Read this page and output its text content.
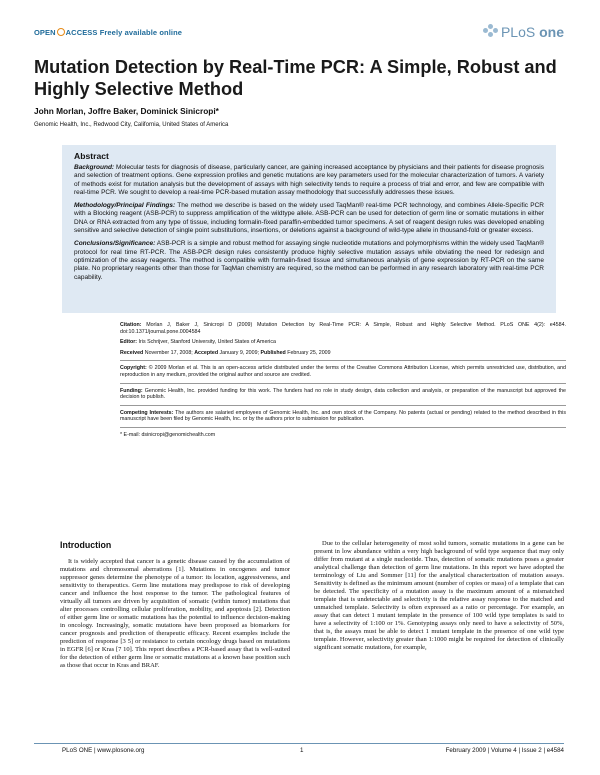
OPEN ACCESS Freely available online	PLoS one
Mutation Detection by Real-Time PCR: A Simple, Robust and Highly Selective Method
John Morlan, Joffre Baker, Dominick Sinicropi*
Genomic Health, Inc., Redwood City, California, United States of America
Abstract

Background: Molecular tests for diagnosis of disease, particularly cancer, are gaining increased acceptance by physicians and their patients for disease prognosis and selection of treatment options. Gene expression profiles and genetic mutations are key parameters used for the molecular characterization of tumors. A variety of methods exist for mutation analysis but the development of assays with high selectivity tends to require a process of trial and error, and few are compatible with real-time PCR. We sought to develop a real-time PCR-based mutation assay methodology that successfully addresses these issues.

Methodology/Principal Findings: The method we describe is based on the widely used TaqMan® real-time PCR technology, and combines Allele-Specific PCR with a Blocking reagent (ASB-PCR) to suppress amplification of the wildtype allele. ASB-PCR can be used for detection of germ line or somatic mutations in either DNA or RNA extracted from any type of tissue, including formalin-fixed paraffin-embedded tumor specimens. A set of reagent design rules was developed enabling sensitive and selective detection of single point substitutions, insertions, or deletions against a background of wild-type allele in thousand-fold or greater excess.

Conclusions/Significance: ASB-PCR is a simple and robust method for assaying single nucleotide mutations and polymorphisms within the widely used TaqMan® protocol for real time RT-PCR. The ASB-PCR design rules consistently produce highly selective mutation assays while obviating the need for redesign and optimization of the assay reagents. The method is compatible with formalin-fixed tissue and simultaneous analysis of gene expression by RT-PCR on the same plate. No proprietary reagents other than those for TaqMan chemistry are required, so the method can be performed in any research laboratory with real-time PCR capability.

Citation: Morlan J, Baker J, Sinicropi D (2009) Mutation Detection by Real-Time PCR: A Simple, Robust and Highly Selective Method. PLoS ONE 4(2): e4584. doi:10.1371/journal.pone.0004584

Editor: Iris Schrijver, Stanford University, United States of America

Received November 17, 2008; Accepted January 9, 2009; Published February 25, 2009

Copyright: © 2009 Morlan et al. This is an open-access article distributed under the terms of the Creative Commons Attribution License, which permits unrestricted use, distribution, and reproduction in any medium, provided the original author and source are credited.

Funding: Genomic Health, Inc. provided funding for this work. The funders had no role in study design, data collection and analysis, or preparation of the manuscript but approved the decision to publish.

Competing Interests: The authors are salaried employees of Genomic Health, Inc. and own stock of the Company. No patents (actual or pending) related to the method described in this manuscript have been filed by Genomic Health, Inc. or by the authors prior to submission for publication.

* E-mail: dsinicropi@genomichealth.com

Introduction

It is widely accepted that cancer is a genetic disease caused by the accumulation of mutations and chromosomal aberrations [1]. Mutations in oncogenes and tumor suppressor genes determine the phenotype of a tumor: its location, aggressiveness, and sensitivity to therapeutics. Germ line mutations may predispose to risk of developing cancer and influence the host response to the tumor. The pathological features of virtually all tumors are driven by acquisition of somatic (within tumor) mutations that alter processes controlling cellular proliferation, mobility, and apoptosis [2]. Detection of either germ line or somatic mutations has the potential to influence decision-making in oncology. Increasingly, somatic mutations have been proposed as biomarkers for cancer prognosis and prediction of therapeutic efficacy. Recent examples include the prediction of response [3 5] or resistance to certain oncology drugs based on mutations in EGFR [6] or Kras [7 10]. This report describes a PCR-based assay that is well-suited for the detection of either germ line or somatic mutations at a known base position such as those that occur in Kras and BRAF.

Due to the cellular heterogeneity of most solid tumors, somatic mutations in a gene can be present in low abundance within a very high background of wild type sequence that may only differ from mutant at a single nucleotide. Thus, detection of somatic mutations poses a greater analytical challenge than detection of germ line mutations. In this report we have adopted the terminology of Liu and Sommer [11] for the analytical characterization of mutation assays. Sensitivity is defined as the minimum amount (number of copies or mass) of a template that can be detected. The specificity of a mutation assay is the maximum amount of a mismatched template that is undetectable and selectivity is the relative assay response to the matched and unmatched template. Selectivity is often expressed as a ratio or percentage. For example, an assay that can detect 1 mutant template in the presence of 100 wild type templates is said to have a selectivity of 1:100 or 1%. Genotyping assays only need to have a selectivity of 50%, that is, the assays must be able to detect 1 mutant template in the presence of one wild type template. However, selectivity greater than 1:1000 might be required for detection of clinically significant somatic mutations, for example,

PLoS ONE | www.plosone.org	1	February 2009 | Volume 4 | Issue 2 | e4584
